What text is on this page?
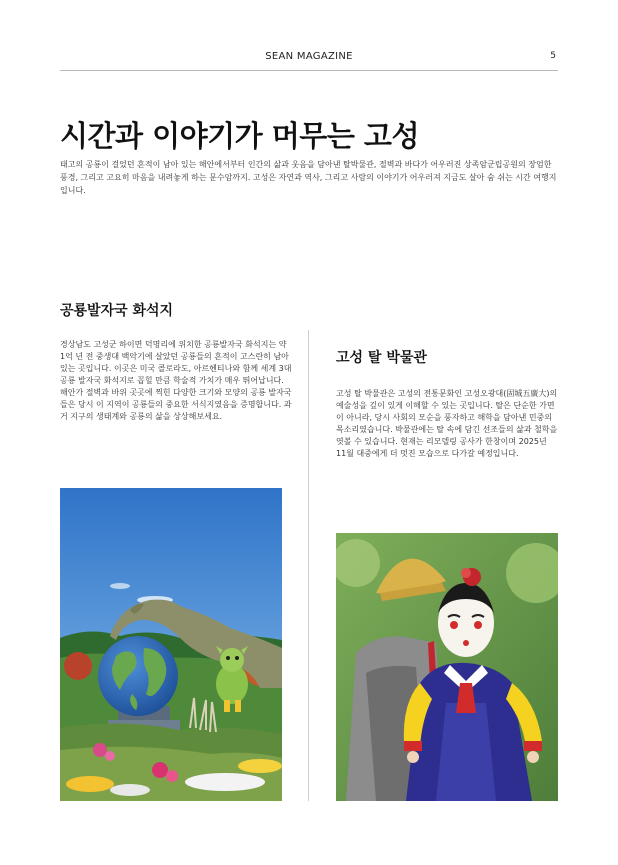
SEAN MAGAZINE	5
시간과 이야기가 머무는 고성

태고의 공룡이 걸었던 흔적이 남아 있는 해안에서부터 인간의 삶과 웃음을 담아낸 탈박물관, 절벽과 바다가 어우러진 상족암군립공원의 장엄한 풍경, 그리고 고요히 마음을 내려놓게 하는 문수암까지. 고성은 자연과 역사, 그리고 사람의 이야기가 어우러져 지금도 살아 숨 쉬는 시간 여행지입니다.

공룡발자국 화석지

경상남도 고성군 하이면 덕명리에 위치한 공룡발자국 화석지는 약 1억 년 전 중생대 백악기에 살았던 공룡들의 흔적이 고스란히 남아 있는 곳입니다. 이곳은 미국 콜로라도, 아르헨티나와 함께 세계 3대 공룡 발자국 화석지로 꼽힐 만큼 학술적 가치가 매우 뛰어납니다. 해안가 절벽과 바위 곳곳에 찍힌 다양한 크기와 모양의 공룡 발자국들은 당시 이 지역이 공룡들의 중요한 서식지였음을 증명합니다. 과거 지구의 생태계와 공룡의 삶을 상상해보세요.

고성 탈 박물관

고성 탈 박물관은 고성의 전통문화인 고성오광대(固城五廣大)의 예술성을 깊이 있게 이해할 수 있는 곳입니다. 탈은 단순한 가면이 아니라, 당시 사회의 모순을 풍자하고 해학을 담아낸 민중의 목소리였습니다. 박물관에는 탈 속에 담긴 선조들의 삶과 철학을 엿볼 수 있습니다. 현재는 리모델링 공사가 한창이며 2025년 11월 대중에게 더 멋진 모습으로 다가갈 예정입니다.
